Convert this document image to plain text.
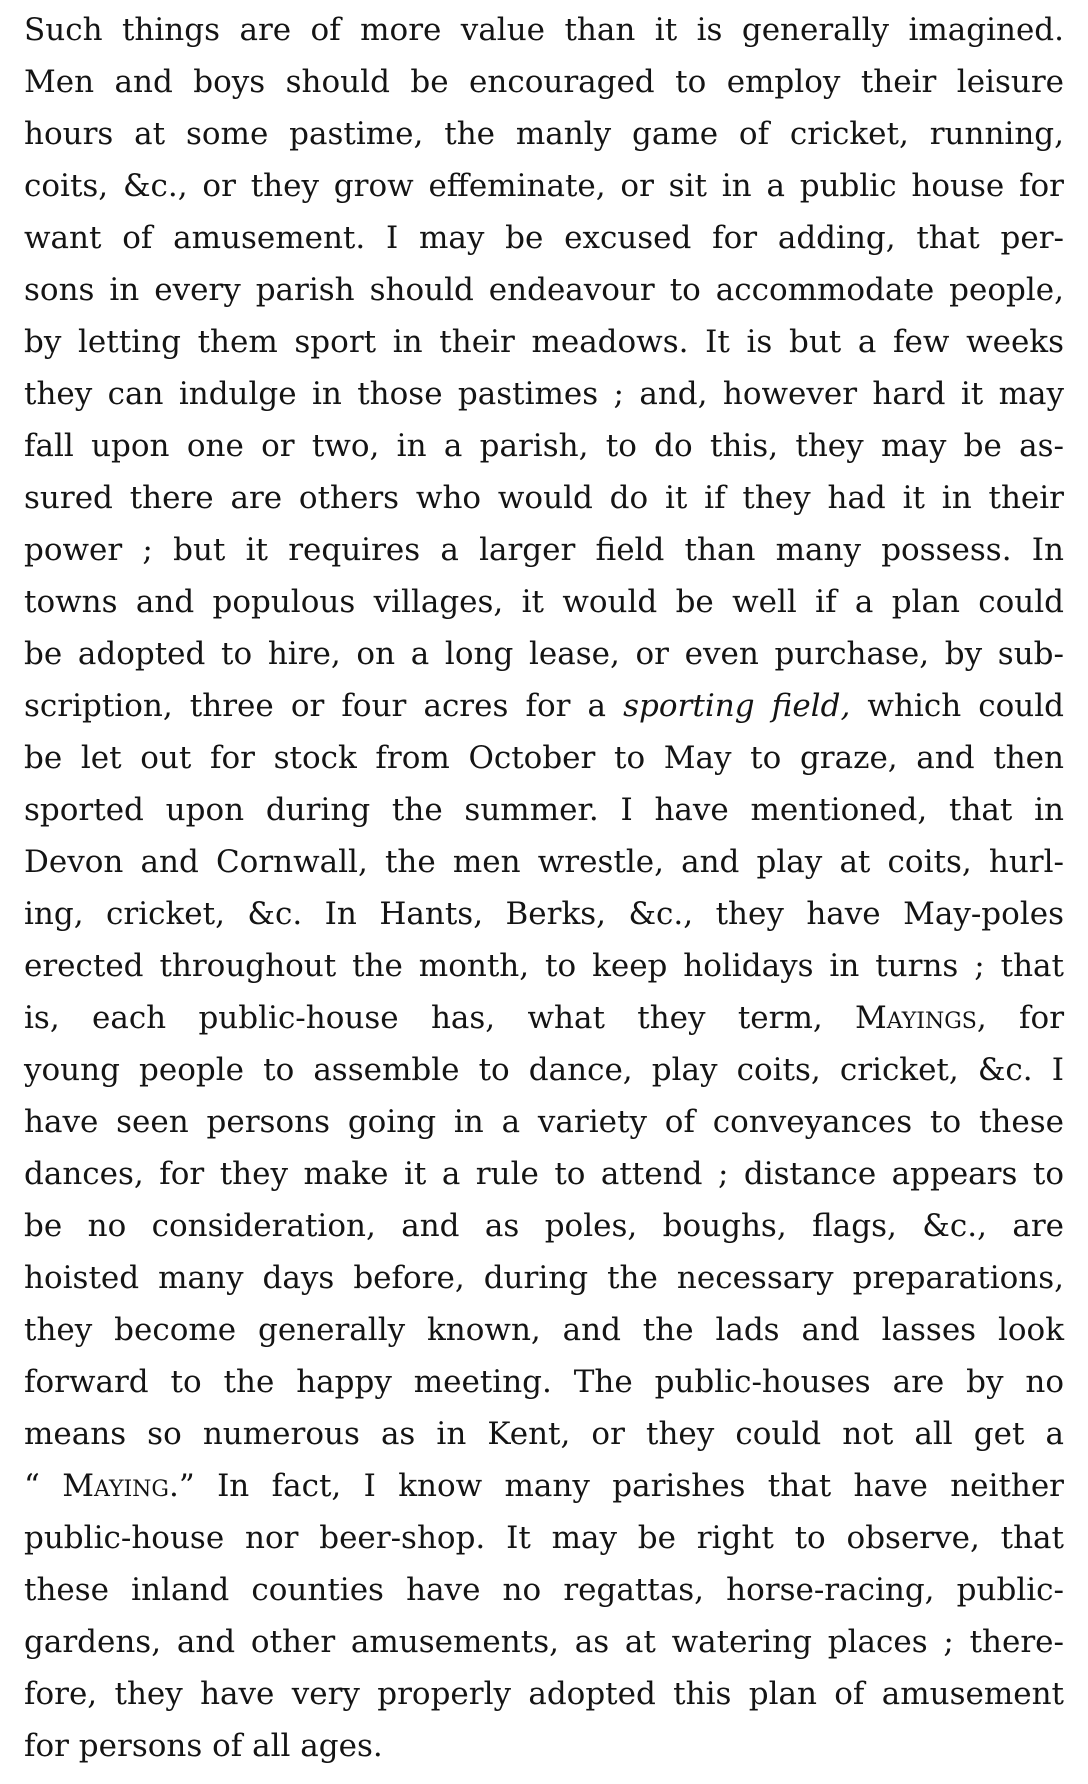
Such things are of more value than it is generally imagined.
Men and boys should be encouraged to employ their leisure
hours at some pastime, the manly game of cricket, running,
coits, &c., or they grow effeminate, or sit in a public house for
want of amusement. I may be excused for adding, that per-
sons in every parish should endeavour to accommodate people,
by letting them sport in their meadows. It is but a few weeks
they can indulge in those pastimes ; and, however hard it may
fall upon one or two, in a parish, to do this, they may be as-
sured there are others who would do it if they had it in their
power ; but it requires a larger field than many possess. In
towns and populous villages, it would be well if a plan could
be adopted to hire, on a long lease, or even purchase, by sub-
scription, three or four acres for a sporting field, which could
be let out for stock from October to May to graze, and then
sported upon during the summer. I have mentioned, that in
Devon and Cornwall, the men wrestle, and play at coits, hurl-
ing, cricket, &c. In Hants, Berks, &c., they have May-poles
erected throughout the month, to keep holidays in turns ; that
is, each public-house has, what they term, Mayings, for
young people to assemble to dance, play coits, cricket, &c. I
have seen persons going in a variety of conveyances to these
dances, for they make it a rule to attend ; distance appears to
be no consideration, and as poles, boughs, flags, &c., are
hoisted many days before, during the necessary preparations,
they become generally known, and the lads and lasses look
forward to the happy meeting. The public-houses are by no
means so numerous as in Kent, or they could not all get a
“ Maying.” In fact, I know many parishes that have neither
public-house nor beer-shop. It may be right to observe, that
these inland counties have no regattas, horse-racing, public-
gardens, and other amusements, as at watering places ; there-
fore, they have very properly adopted this plan of amusement
for persons of all ages.
